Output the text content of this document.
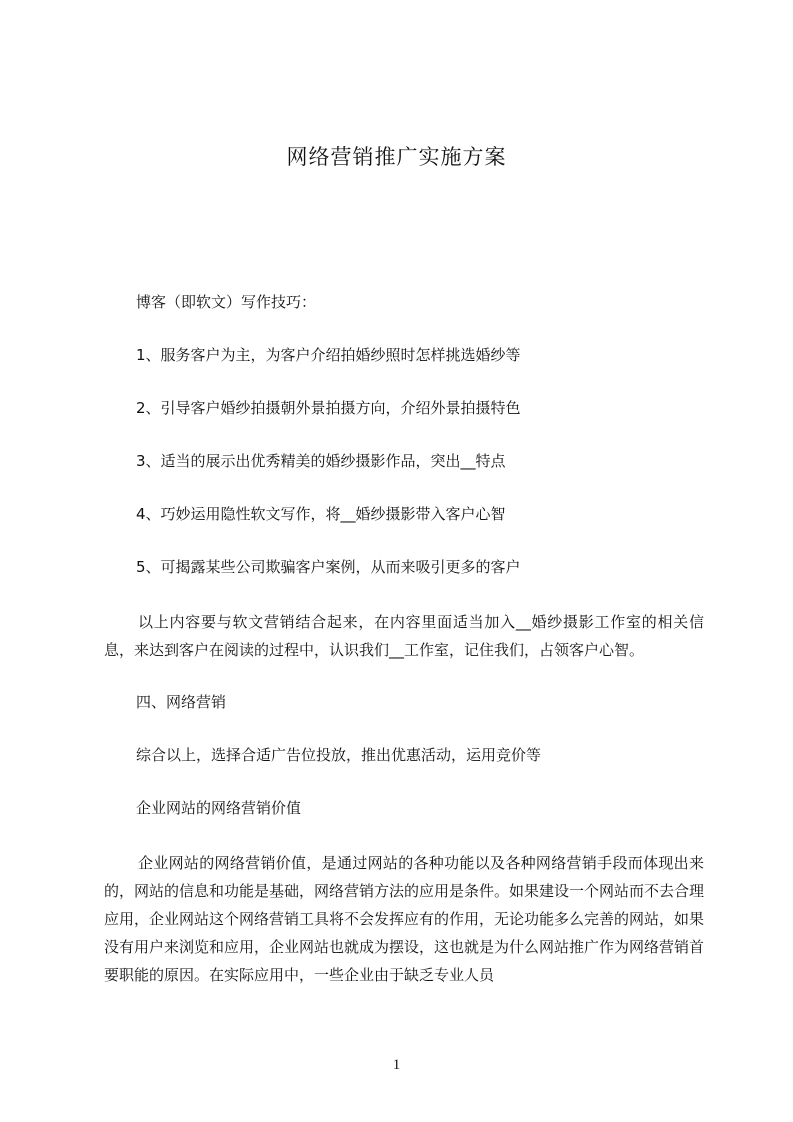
网络营销推广实施方案
博客（即软文）写作技巧：
1、服务客户为主，为客户介绍拍婚纱照时怎样挑选婚纱等
2、引导客户婚纱拍摄朝外景拍摄方向，介绍外景拍摄特色
3、适当的展示出优秀精美的婚纱摄影作品，突出__特点
4、巧妙运用隐性软文写作，将__婚纱摄影带入客户心智
5、可揭露某些公司欺骗客户案例，从而来吸引更多的客户

以上内容要与软文营销结合起来，在内容里面适当加入__婚纱摄影工作室的相关信息，来达到客户在阅读的过程中，认识我们__工作室，记住我们，占领客户心智。

四、网络营销
综合以上，选择合适广告位投放，推出优惠活动，运用竞价等
企业网站的网络营销价值

企业网站的网络营销价值，是通过网站的各种功能以及各种网络营销手段而体现出来的，网站的信息和功能是基础，网络营销方法的应用是条件。如果建设一个网站而不去合理应用，企业网站这个网络营销工具将不会发挥应有的作用，无论功能多么完善的网站，如果没有用户来浏览和应用，企业网站也就成为摆设，这也就是为什么网站推广作为网络营销首要职能的原因。在实际应用中，一些企业由于缺乏专业人员

1
